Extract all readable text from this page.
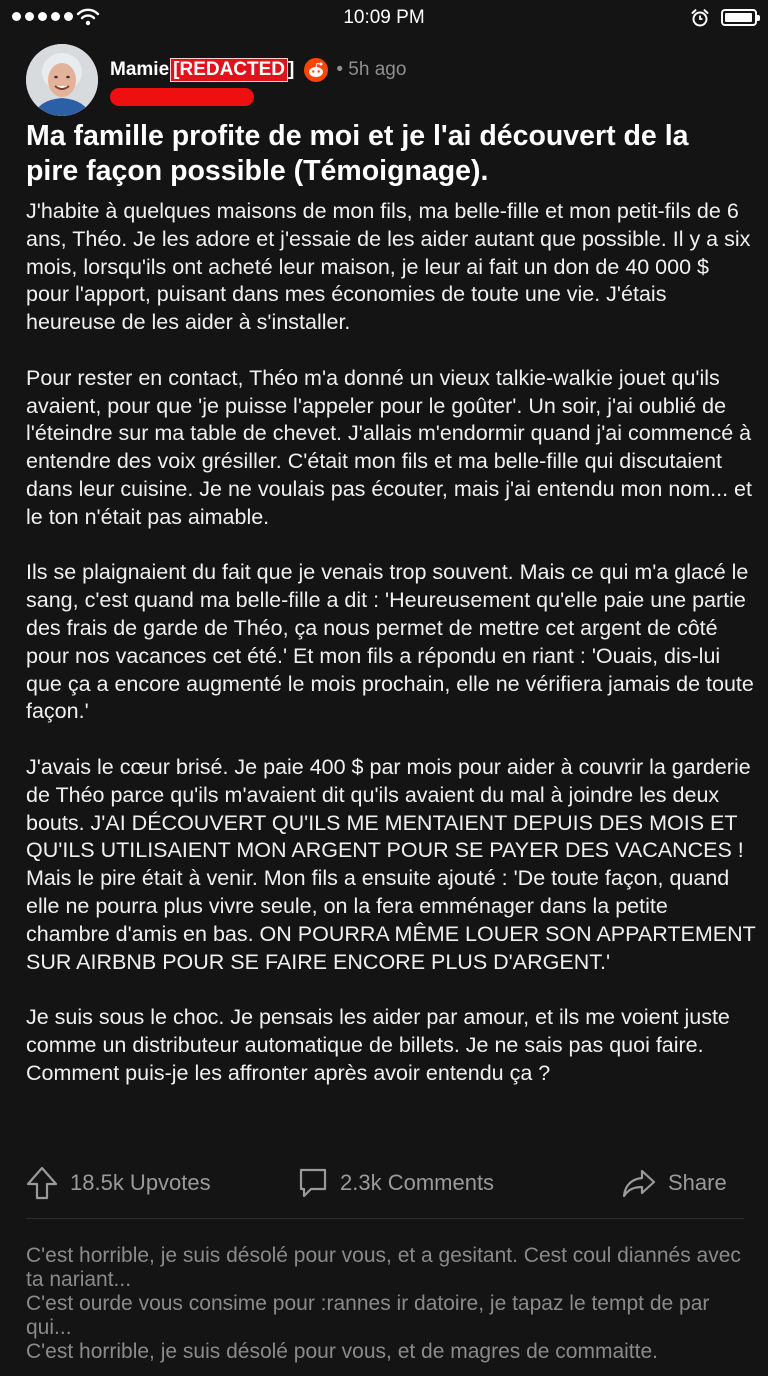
10:09 PM
Mamie [REDACTED ] • 5h ago
Ma famille profite de moi et je l'ai découvert de la pire façon possible (Témoignage).

J'habite à quelques maisons de mon fils, ma belle-fille et mon petit-fils de 6 ans, Théo. Je les adore et j'essaie de les aider autant que possible. Il y a six mois, lorsqu'ils ont acheté leur maison, je leur ai fait un don de 40 000 $ pour l'apport, puisant dans mes économies de toute une vie. J'étais heureuse de les aider à s'installer.

Pour rester en contact, Théo m'a donné un vieux talkie-walkie jouet qu'ils avaient, pour que 'je puisse l'appeler pour le goûter'. Un soir, j'ai oublié de l'éteindre sur ma table de chevet. J'allais m'endormir quand j'ai commencé à entendre des voix grésiller. C'était mon fils et ma belle-fille qui discutaient dans leur cuisine. Je ne voulais pas écouter, mais j'ai entendu mon nom... et le ton n'était pas aimable.

Ils se plaignaient du fait que je venais trop souvent. Mais ce qui m'a glacé le sang, c'est quand ma belle-fille a dit : 'Heureusement qu'elle paie une partie des frais de garde de Théo, ça nous permet de mettre cet argent de côté pour nos vacances cet été.' Et mon fils a répondu en riant : 'Ouais, dis-lui que ça a encore augmenté le mois prochain, elle ne vérifiera jamais de toute façon.'

J'avais le cœur brisé. Je paie 400 $ par mois pour aider à couvrir la garderie de Théo parce qu'ils m'avaient dit qu'ils avaient du mal à joindre les deux bouts. J'AI DÉCOUVERT QU'ILS ME MENTAIENT DEPUIS DES MOIS ET QU'ILS UTILISAIENT MON ARGENT POUR SE PAYER DES VACANCES !

Mais le pire était à venir. Mon fils a ensuite ajouté : 'De toute façon, quand elle ne pourra plus vivre seule, on la fera emménager dans la petite chambre d'amis en bas. ON POURRA MÊME LOUER SON APPARTEMENT SUR AIRBNB POUR SE FAIRE ENCORE PLUS D'ARGENT.'

Je suis sous le choc. Je pensais les aider par amour, et ils me voient juste comme un distributeur automatique de billets. Je ne sais pas quoi faire. Comment puis-je les affronter après avoir entendu ça ?

18.5k Upvotes	2.3k Comments	Share

C'est horrible, je suis désolé pour vous, et a gesitant. Cest coul diannés avec ta nariant...

C'est ourde vous consime pour :rannes ir datoire, je tapaz le tempt de par qui...

C'est horrible, je suis désolé pour vous, et de magres de commaitte.
